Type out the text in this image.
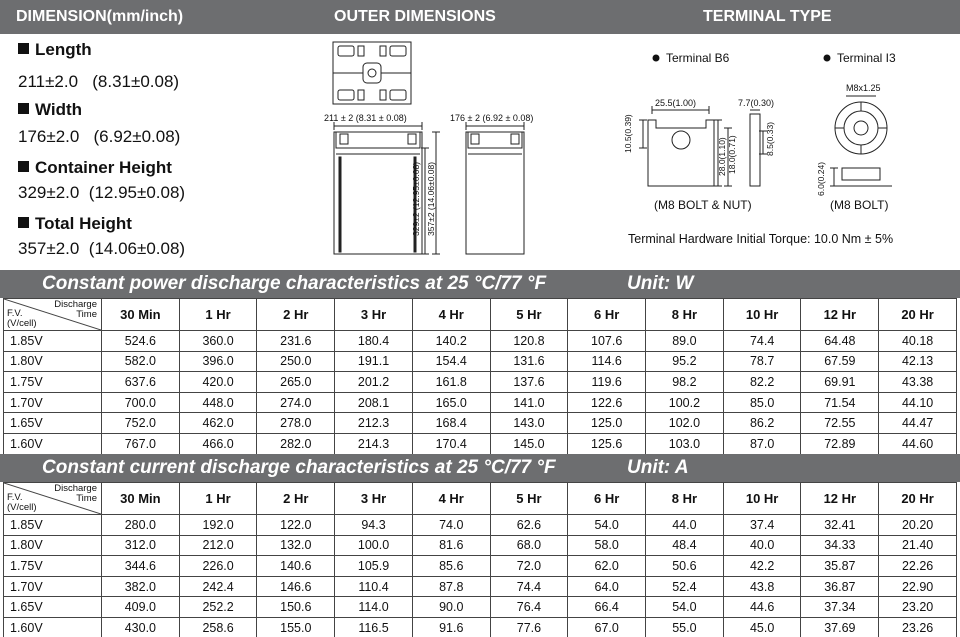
DIMENSION(mm/inch)	OUTER DIMENSIONS	TERMINAL TYPE
Length
211±2.0 (8.31±0.08)
Width
176±2.0 (6.92±0.08)
Container Height
329±2.0 (12.95±0.08)
Total Height
357±2.0 (14.06±0.08)
211 ± 2 (8.31 ± 0.08)
329±2 (12.95±0.08) 357±2 (14.06±0.08)
176 ± 2 (6.92 ± 0.08)
Terminal B6	Terminal I3
25.5(1.00)	7.7(0.30)
10.5(0.39)
28.0(1.10) 18.0(0.71)	8.5(0.33)
M8x1.25
6.0(0.24)
(M8 BOLT & NUT)	(M8 BOLT)
Terminal Hardware Initial Torque: 10.0 Nm ± 5%
Constant power discharge characteristics at 25 °C/77 °F	Unit: W
Discharge
Time
F.V.
(V/cell)	30 Min	1 Hr	2 Hr	3 Hr	4 Hr	5 Hr	6 Hr	8 Hr	10 Hr	12 Hr	20 Hr
1.85V	524.6	360.0	231.6	180.4	140.2	120.8	107.6	89.0	74.4	64.48	40.18
1.80V	582.0	396.0	250.0	191.1	154.4	131.6	114.6	95.2	78.7	67.59	42.13
1.75V	637.6	420.0	265.0	201.2	161.8	137.6	119.6	98.2	82.2	69.91	43.38
1.70V	700.0	448.0	274.0	208.1	165.0	141.0	122.6	100.2	85.0	71.54	44.10
1.65V	752.0	462.0	278.0	212.3	168.4	143.0	125.0	102.0	86.2	72.55	44.47
1.60V	767.0	466.0	282.0	214.3	170.4	145.0	125.6	103.0	87.0	72.89	44.60
Constant current discharge characteristics at 25 °C/77 °F	Unit: A
Discharge
Time
F.V.
(V/cell)	30 Min	1 Hr	2 Hr	3 Hr	4 Hr	5 Hr	6 Hr	8 Hr	10 Hr	12 Hr	20 Hr
1.85V	280.0	192.0	122.0	94.3	74.0	62.6	54.0	44.0	37.4	32.41	20.20
1.80V	312.0	212.0	132.0	100.0	81.6	68.0	58.0	48.4	40.0	34.33	21.40
1.75V	344.6	226.0	140.6	105.9	85.6	72.0	62.0	50.6	42.2	35.87	22.26
1.70V	382.0	242.4	146.6	110.4	87.8	74.4	64.0	52.4	43.8	36.87	22.90
1.65V	409.0	252.2	150.6	114.0	90.0	76.4	66.4	54.0	44.6	37.34	23.20
1.60V	430.0	258.6	155.0	116.5	91.6	77.6	67.0	55.0	45.0	37.69	23.26
